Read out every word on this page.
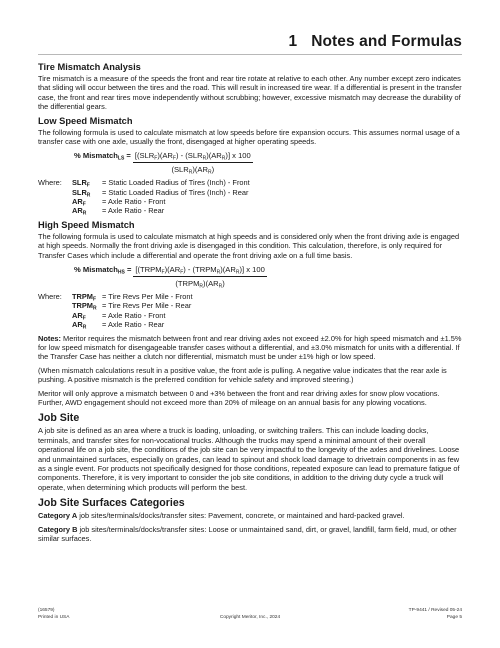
1 Notes and Formulas
Tire Mismatch Analysis

Tire mismatch is a measure of the speeds the front and rear tire rotate at relative to each other. Any number except zero indicates that sliding will occur between the tires and the road. This will result in increased tire wear. If a differential is present in the transfer case, the front and rear tires move independently without scrubbing; however, excessive mismatch may decrease the durability of the differential gears.

Low Speed Mismatch

The following formula is used to calculate mismatch at low speeds before tire expansion occurs. This assumes normal usage of a transfer case with one axle, usually the front, disengaged at higher operating speeds.

% Mismatch$_{LS}$ = $\frac{[(SLR_F)(AR_F) - (SLR_R)(AR_R)] x 100}{(SLR_R)(AR_R)}$
Where:	$SLR_F$	= Static Loaded Radius of Tires (Inch) - Front
$SLR_R$	= Static Loaded Radius of Tires (Inch) - Rear
$AR_F$	= Axle Ratio - Front
$AR_R$	= Axle Ratio - Rear
High Speed Mismatch

The following formula is used to calculate mismatch at high speeds and is considered only when the front driving axle is engaged at high speeds. Normally the front driving axle is disengaged in this condition. This calculation, therefore, is only required for Transfer Cases which include a differential and operate the front driving axle on a full time basis.

% Mismatch$_{HS}$ = $\frac{[(TRPM_F)(AR_F) - (TRPM_R)(AR_R)] x 100}{(TRPM_R)(AR_R)}$
Where:	$TRPM_F$ = Tire Revs Per Mile - Front
$TRPM_R$ = Tire Revs Per Mile - Rear
$AR_F$	= Axle Ratio - Front
$AR_R$	= Axle Ratio - Rear

Notes: Meritor requires the mismatch between front and rear driving axles not exceed ±2.0% for high speed mismatch and ±1.5% for low speed mismatch for disengageable transfer cases without a differential, and ±3.0% mismatch for units with a differential. If the Transfer Case has neither a clutch nor differential, mismatch must be under ±1% high or low speed.

(When mismatch calculations result in a positive value, the front axle is pulling. A negative value indicates that the rear axle is pushing. A positive mismatch is the preferred condition for vehicle safety and improved steering.)

Meritor will only approve a mismatch between 0 and +3% between the front and rear driving axles for snow plow vocations. Further, AWD engagement should not exceed more than 20% of mileage on an annual basis for any plowing vocations.

Job Site

A job site is defined as an area where a truck is loading, unloading, or switching trailers. This can include loading docks, terminals, and transfer sites for non-vocational trucks. Although the trucks may spend a minimal amount of their overall operational life on a job site, the conditions of the job site can be very impactful to the longevity of the axles and drivelines. Loose and unmaintained surfaces, especially on grades, can lead to spinout and shock load damage to drivetrain components in as few as a single event. For products not specifically designed for those conditions, repeated exposure can lead to premature fatigue of components. Therefore, it is very important to consider the job site conditions, in addition to the driving duty cycle a truck will operate, when determining which products will perform the best.

Job Site Surfaces Categories

Category A job sites/terminals/docks/transfer sites: Pavement, concrete, or maintained and hard-packed gravel.

Category B job sites/terminals/docks/transfer sites: Loose or unmaintained sand, dirt, or gravel, landfill, farm field, mud, or other similar surfaces.

(16579)
Printed in USA	Copyright Meritor, Inc., 2024
TP-9441 / Revised 05-24
Page 5
